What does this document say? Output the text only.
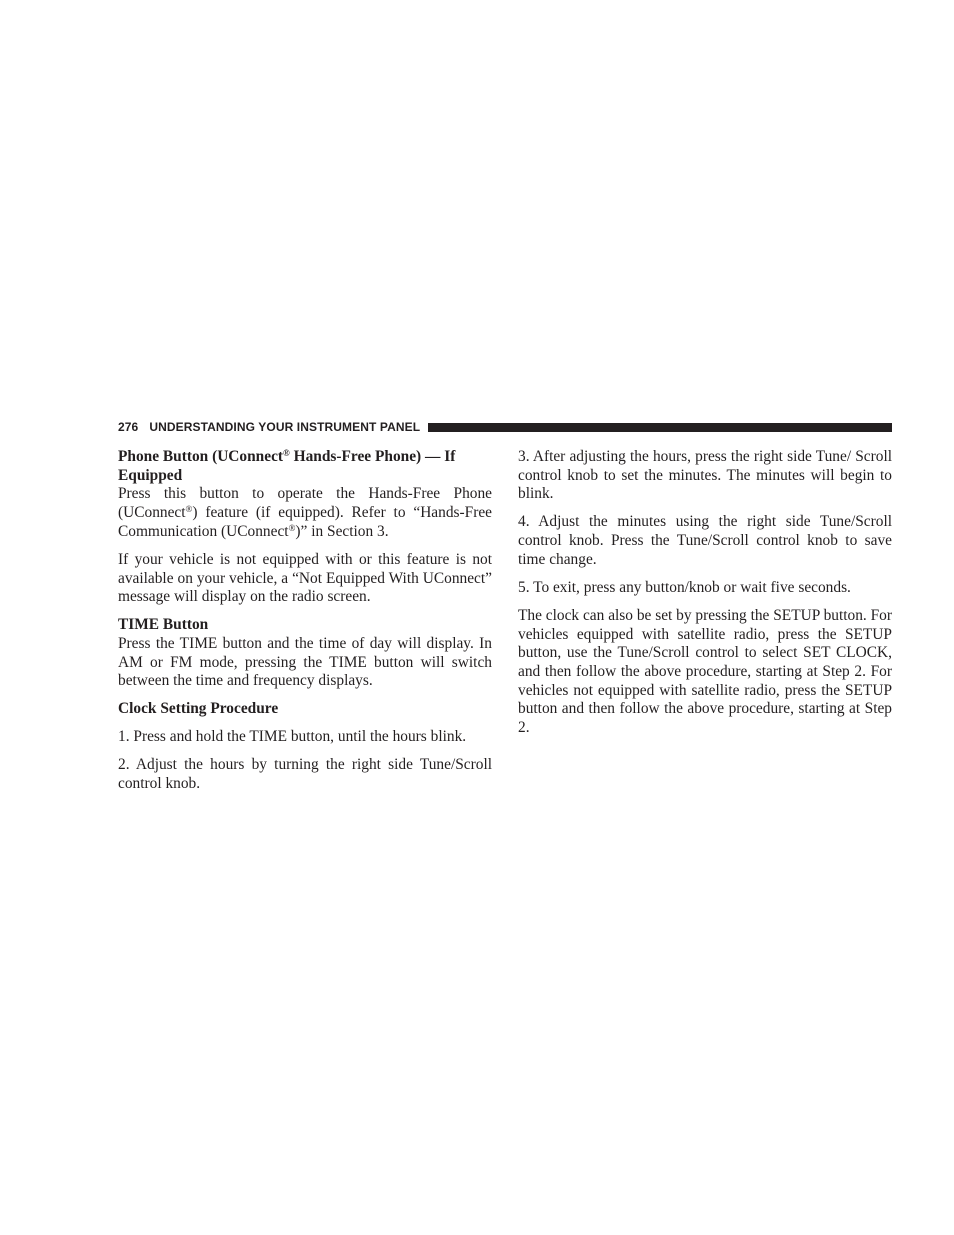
276 UNDERSTANDING YOUR INSTRUMENT PANEL
Phone Button (UConnect® Hands-Free Phone) — If Equipped

Press this button to operate the Hands-Free Phone (UConnect®) feature (if equipped). Refer to “Hands-Free Communication (UConnect®)” in Section 3.

If your vehicle is not equipped with or this feature is not available on your vehicle, a “Not Equipped With UConnect” message will display on the radio screen.

TIME Button

Press the TIME button and the time of day will display. In AM or FM mode, pressing the TIME button will switch between the time and frequency displays.

Clock Setting Procedure

1. Press and hold the TIME button, until the hours blink.

2. Adjust the hours by turning the right side Tune/Scroll control knob.

3. After adjusting the hours, press the right side Tune/ Scroll control knob to set the minutes. The minutes will begin to blink.

4. Adjust the minutes using the right side Tune/Scroll control knob. Press the Tune/Scroll control knob to save time change.

5. To exit, press any button/knob or wait five seconds.

The clock can also be set by pressing the SETUP button. For vehicles equipped with satellite radio, press the SETUP button, use the Tune/Scroll control to select SET CLOCK, and then follow the above procedure, starting at Step 2. For vehicles not equipped with satellite radio, press the SETUP button and then follow the above procedure, starting at Step 2.
